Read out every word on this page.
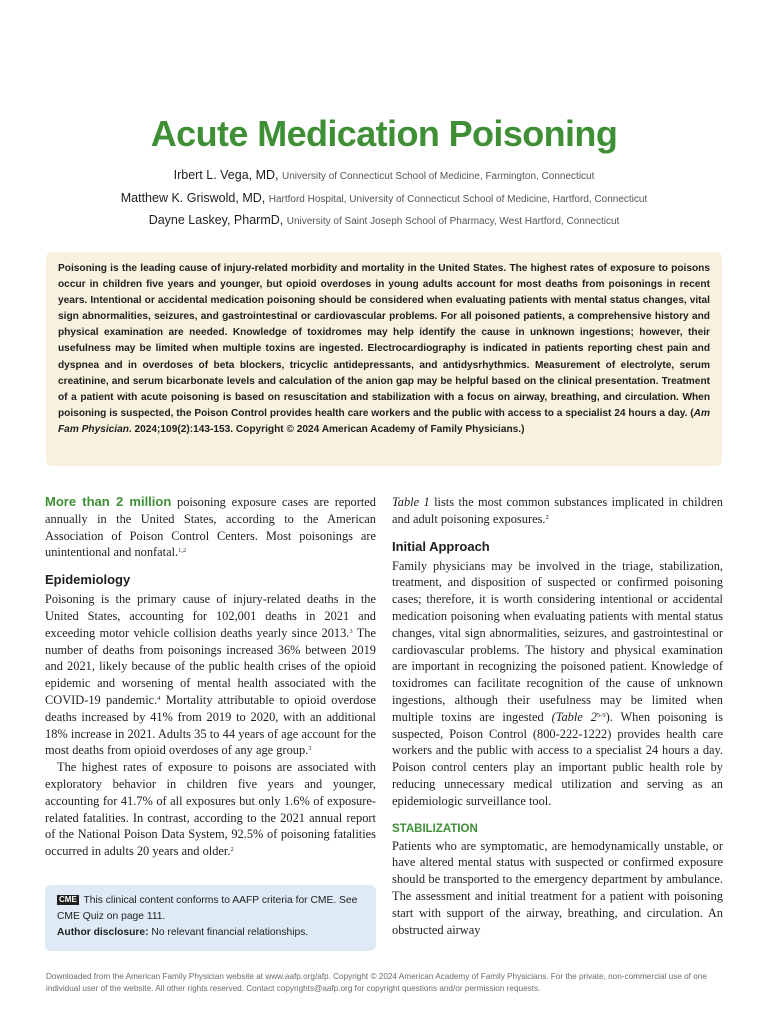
Acute Medication Poisoning
Irbert L. Vega, MD, University of Connecticut School of Medicine, Farmington, Connecticut
Matthew K. Griswold, MD, Hartford Hospital, University of Connecticut School of Medicine, Hartford, Connecticut
Dayne Laskey, PharmD, University of Saint Joseph School of Pharmacy, West Hartford, Connecticut
Poisoning is the leading cause of injury-related morbidity and mortality in the United States. The highest rates of exposure to poisons occur in children five years and younger, but opioid overdoses in young adults account for most deaths from poisonings in recent years. Intentional or accidental medication poisoning should be considered when evaluating patients with mental status changes, vital sign abnormalities, seizures, and gastrointestinal or cardiovascular problems. For all poisoned patients, a comprehensive history and physical examination are needed. Knowledge of toxidromes may help identify the cause in unknown ingestions; however, their usefulness may be limited when multiple toxins are ingested. Electrocardiography is indicated in patients reporting chest pain and dyspnea and in overdoses of beta blockers, tricyclic antidepressants, and antidysrhythmics. Measurement of electrolyte, serum creatinine, and serum bicarbonate levels and calculation of the anion gap may be helpful based on the clinical presentation. Treatment of a patient with acute poisoning is based on resuscitation and stabilization with a focus on airway, breathing, and circulation. When poisoning is suspected, the Poison Control provides health care workers and the public with access to a specialist 24 hours a day. (Am Fam Physician. 2024;109(2):143-153. Copyright © 2024 American Academy of Family Physicians.)

More than 2 million poisoning exposure cases are reported annually in the United States, according to the American Association of Poison Control Centers. Most poisonings are unintentional and nonfatal.$^{1,2}$

Epidemiology

Poisoning is the primary cause of injury-related deaths in the United States, accounting for 102,001 deaths in 2021 and exceeding motor vehicle collision deaths yearly since 2013.$^3$ The number of deaths from poisonings increased 36% between 2019 and 2021, likely because of the public health crises of the opioid epidemic and worsening of mental health associated with the COVID-19 pandemic.$^4$ Mortality attributable to opioid overdose deaths increased by 41% from 2019 to 2020, with an additional 18% increase in 2021. Adults 35 to 44 years of age account for the most deaths from opioid overdoses of any age group.$^3$

The highest rates of exposure to poisons are associated with exploratory behavior in children five years and younger, accounting for 41.7% of all exposures but only 1.6% of exposure-related fatalities. In contrast, according to the 2021 annual report of the National Poison Data System, 92.5% of poisoning fatalities occurred in adults 20 years and older.$^2$

CME This clinical content conforms to AAFP criteria for CME. See CME Quiz on page 111.
Author disclosure: No relevant financial relationships.

Table 1 lists the most common substances implicated in children and adult poisoning exposures.$^2$

Initial Approach

Family physicians may be involved in the triage, stabilization, treatment, and disposition of suspected or confirmed poisoning cases; therefore, it is worth considering intentional or accidental medication poisoning when evaluating patients with mental status changes, vital sign abnormalities, seizures, and gastrointestinal or cardiovascular problems. The history and physical examination are important in recognizing the poisoned patient. Knowledge of toxidromes can facilitate recognition of the cause of unknown ingestions, although their usefulness may be limited when multiple toxins are ingested (Table 2$^{5-9}$). When poisoning is suspected, Poison Control (800-222-1222) provides health care workers and the public with access to a specialist 24 hours a day. Poison control centers play an important public health role by reducing unnecessary medical utilization and serving as an epidemiologic surveillance tool.

STABILIZATION

Patients who are symptomatic, are hemodynamically unstable, or have altered mental status with suspected or confirmed exposure should be transported to the emergency department by ambulance. The assessment and initial treatment for a patient with poisoning start with support of the airway, breathing, and circulation. An obstructed airway

Downloaded from the American Family Physician website at www.aafp.org/afp. Copyright © 2024 American Academy of Family Physicians. For the private, non-commercial use of one individual user of the website. All other rights reserved. Contact copyrights@aafp.org for copyright questions and/or permission requests.
